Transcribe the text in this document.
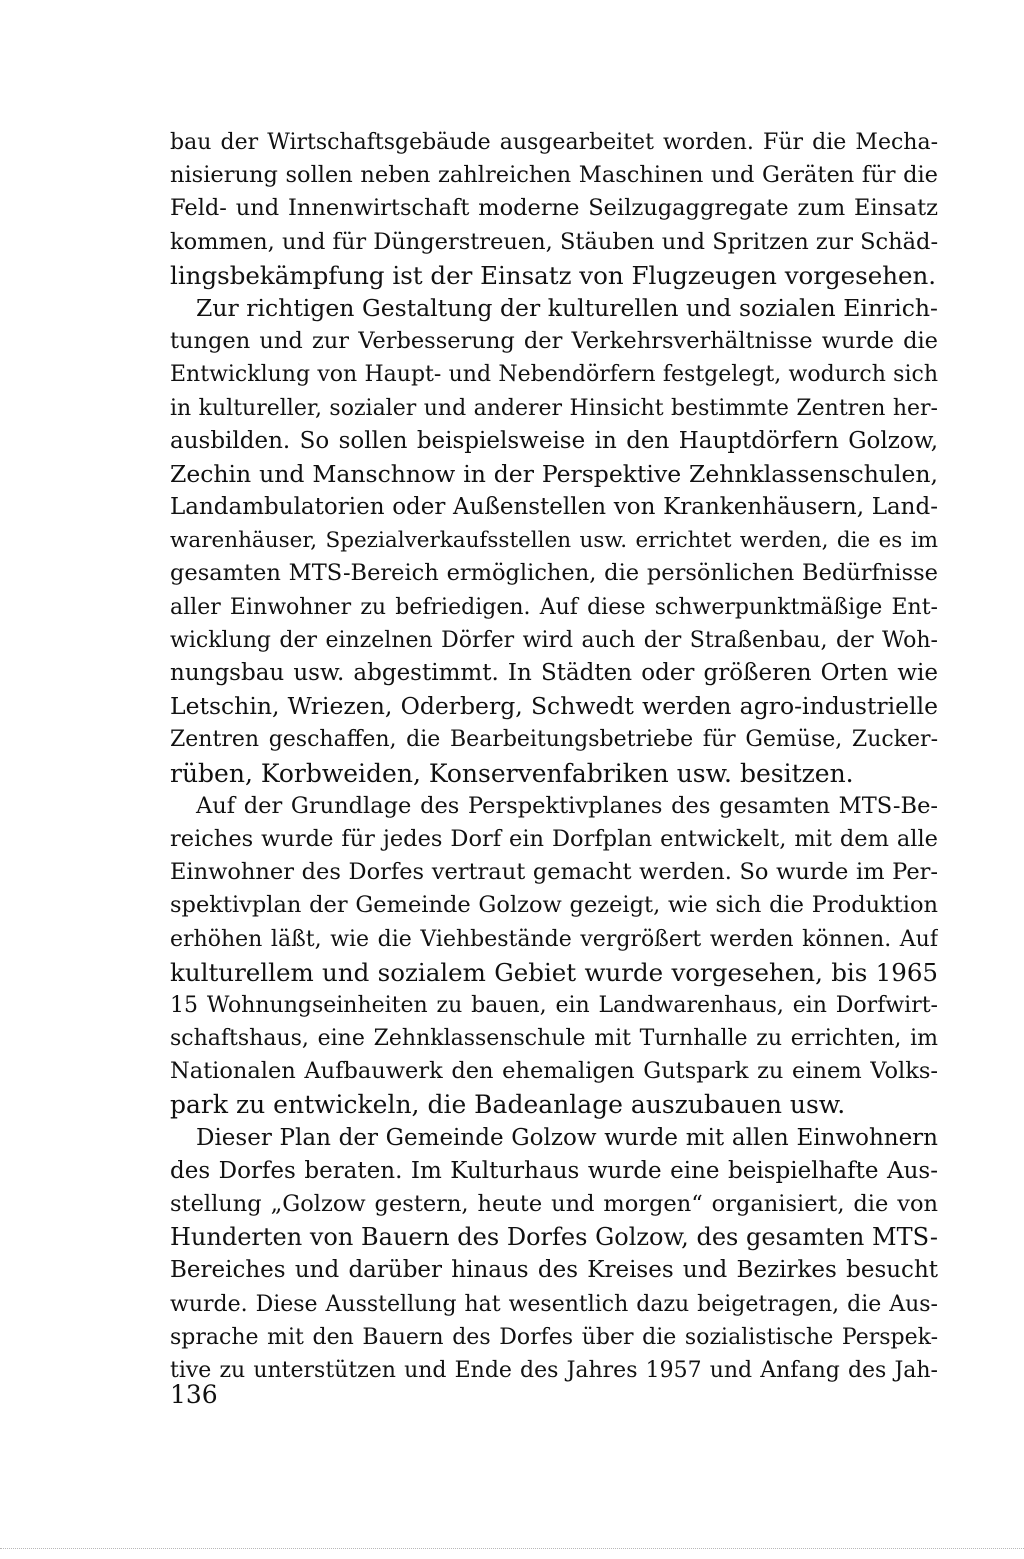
bau der Wirtschaftsgebäude ausgearbeitet worden. Für die Mecha-
nisierung sollen neben zahlreichen Maschinen und Geräten für die
Feld- und Innenwirtschaft moderne Seilzugaggregate zum Einsatz
kommen, und für Düngerstreuen, Stäuben und Spritzen zur Schäd-
lingsbekämpfung ist der Einsatz von Flugzeugen vorgesehen.
Zur richtigen Gestaltung der kulturellen und sozialen Einrich-
tungen und zur Verbesserung der Verkehrsverhältnisse wurde die
Entwicklung von Haupt- und Nebendörfern festgelegt, wodurch sich
in kultureller, sozialer und anderer Hinsicht bestimmte Zentren her-
ausbilden. So sollen beispielsweise in den Hauptdörfern Golzow,
Zechin und Manschnow in der Perspektive Zehnklassenschulen,
Landambulatorien oder Außenstellen von Krankenhäusern, Land-
warenhäuser, Spezialverkaufsstellen usw. errichtet werden, die es im
gesamten MTS-Bereich ermöglichen, die persönlichen Bedürfnisse
aller Einwohner zu befriedigen. Auf diese schwerpunktmäßige Ent-
wicklung der einzelnen Dörfer wird auch der Straßenbau, der Woh-
nungsbau usw. abgestimmt. In Städten oder größeren Orten wie
Letschin, Wriezen, Oderberg, Schwedt werden agro-industrielle
Zentren geschaffen, die Bearbeitungsbetriebe für Gemüse, Zucker-
rüben, Korbweiden, Konservenfabriken usw. besitzen.
Auf der Grundlage des Perspektivplanes des gesamten MTS-Be-
reiches wurde für jedes Dorf ein Dorfplan entwickelt, mit dem alle
Einwohner des Dorfes vertraut gemacht werden. So wurde im Per-
spektivplan der Gemeinde Golzow gezeigt, wie sich die Produktion
erhöhen läßt, wie die Viehbestände vergrößert werden können. Auf
kulturellem und sozialem Gebiet wurde vorgesehen, bis 1965
15 Wohnungseinheiten zu bauen, ein Landwarenhaus, ein Dorfwirt-
schaftshaus, eine Zehnklassenschule mit Turnhalle zu errichten, im
Nationalen Aufbauwerk den ehemaligen Gutspark zu einem Volks-
park zu entwickeln, die Badeanlage auszubauen usw.
Dieser Plan der Gemeinde Golzow wurde mit allen Einwohnern
des Dorfes beraten. Im Kulturhaus wurde eine beispielhafte Aus-
stellung „Golzow gestern, heute und morgen“ organisiert, die von
Hunderten von Bauern des Dorfes Golzow, des gesamten MTS-
Bereiches und darüber hinaus des Kreises und Bezirkes besucht
wurde. Diese Ausstellung hat wesentlich dazu beigetragen, die Aus-
sprache mit den Bauern des Dorfes über die sozialistische Perspek-
tive zu unterstützen und Ende des Jahres 1957 und Anfang des Jah-
136
